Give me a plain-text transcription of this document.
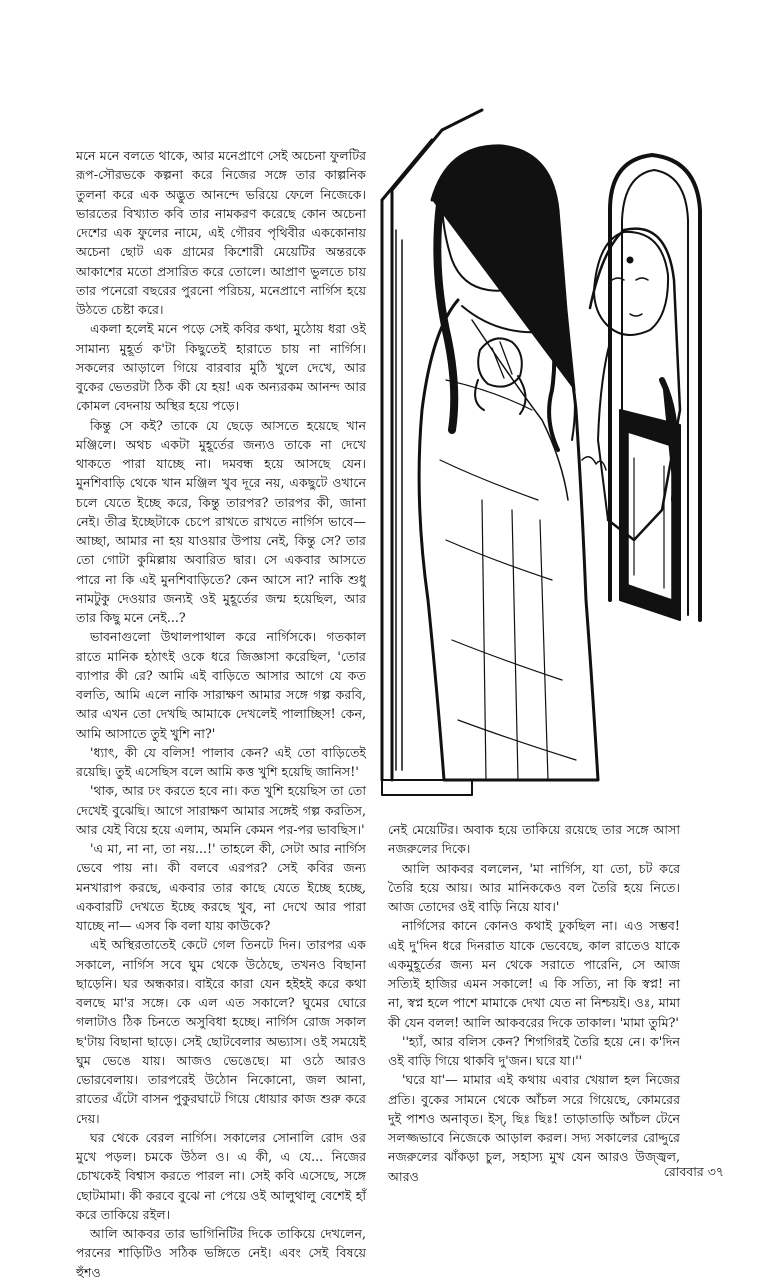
মনে মনে বলতে থাকে, আর মনেপ্রাণে সেই অচেনা ফুলটির রূপ-সৌরভকে কল্পনা করে নিজের সঙ্গে তার কাল্পনিক তুলনা করে এক অদ্ভুত আনন্দে ভরিয়ে ফেলে নিজেকে। ভারতের বিখ্যাত কবি তার নামকরণ করেছে কোন অচেনা দেশের এক ফুলের নামে, এই গৌরব পৃথিবীর এককোনায় অচেনা ছোট এক গ্রামের কিশোরী মেয়েটির অন্তরকে আকাশের মতো প্রসারিত করে তোলে। আপ্রাণ ভুলতে চায় তার পনেরো বছরের পুরনো পরিচয়, মনেপ্রাণে নার্গিস হয়ে উঠতে চেষ্টা করে।

একলা হলেই মনে পড়ে সেই কবির কথা, মুঠোয় ধরা ওই সামান্য মুহূর্ত ক'টা কিছুতেই হারাতে চায় না নার্গিস। সকলের আড়ালে গিয়ে বারবার মুঠি খুলে দেখে, আর বুকের ভেতরটা ঠিক কী যে হয়! এক অন্যরকম আনন্দ আর কোমল বেদনায় অস্থির হয়ে পড়ে।

কিন্তু সে কই? তাকে যে ছেড়ে আসতে হয়েছে খান মঞ্জিলে। অথচ একটা মুহূর্তের জন্যও তাকে না দেখে থাকতে পারা যাচ্ছে না। দমবন্ধ হয়ে আসছে যেন। মুনশিবাড়ি থেকে খান মঞ্জিল খুব দূরে নয়, একছুটে ওখানে চলে যেতে ইচ্ছে করে, কিন্তু তারপর? তারপর কী, জানা নেই। তীব্র ইচ্ছেটাকে চেপে রাখতে রাখতে নার্গিস ভাবে— আচ্ছা, আমার না হয় যাওয়ার উপায় নেই, কিন্তু সে? তার তো গোটা কুমিল্লায় অবারিত দ্বার। সে একবার আসতে পারে না কি এই মুনশিবাড়িতে? কেন আসে না? নাকি শুধু নামটুকু দেওয়ার জন্যই ওই মুহূর্তের জন্ম হয়েছিল, আর তার কিছু মনে নেই...?

ভাবনাগুলো উথালপাথাল করে নার্গিসকে। গতকাল রাতে মানিক হঠাৎই ওকে ধরে জিজ্ঞাসা করেছিল, 'তোর ব্যাপার কী রে? আমি এই বাড়িতে আসার আগে যে কত বলতি, আমি এলে নাকি সারাক্ষণ আমার সঙ্গে গল্প করবি, আর এখন তো দেখছি আমাকে দেখলেই পালাচ্ছিস! কেন, আমি আসাতে তুই খুশি না?'

'ধ্যাৎ, কী যে বলিস! পালাব কেন? এই তো বাড়িতেই রয়েছি। তুই এসেছিস বলে আমি কত্ত খুশি হয়েছি জানিস!'

'থাক, আর ঢং করতে হবে না। কত খুশি হয়েছিস তা তো দেখেই বুঝেছি। আগে সারাক্ষণ আমার সঙ্গেই গল্প করতিস, আর যেই বিয়ে হয়ে এলাম, অমনি কেমন পর-পর ভাবছিস।'

'এ মা, না না, তা নয়...!' তাহলে কী, সেটা আর নার্গিস ভেবে পায় না। কী বলবে এরপর? সেই কবির জন্য মনখারাপ করছে, একবার তার কাছে যেতে ইচ্ছে হচ্ছে, একবারটি দেখতে ইচ্ছে করছে খুব, না দেখে আর পারা যাচ্ছে না— এসব কি বলা যায় কাউকে?

এই অস্থিরতাতেই কেটে গেল তিনটে দিন। তারপর এক সকালে, নার্গিস সবে ঘুম থেকে উঠেছে, তখনও বিছানা ছাড়েনি। ঘর অন্ধকার। বাইরে কারা যেন হইহই করে কথা বলছে মা'র সঙ্গে। কে এল এত সকালে? ঘুমের ঘোরে গলাটাও ঠিক চিনতে অসুবিধা হচ্ছে। নার্গিস রোজ সকাল ছ'টায় বিছানা ছাড়ে। সেই ছোটবেলার অভ্যাস। ওই সময়েই ঘুম ভেঙে যায়। আজও ভেঙেছে। মা ওঠে আরও ভোরবেলায়। তারপরেই উঠোন নিকোনো, জল আনা, রাতের এঁটো বাসন পুকুরঘাটে গিয়ে ধোয়ার কাজ শুরু করে দেয়।

ঘর থেকে বেরল নার্গিস। সকালের সোনালি রোদ ওর মুখে পড়ল। চমকে উঠল ও। এ কী, এ যে... নিজের চোখকেই বিশ্বাস করতে পারল না। সেই কবি এসেছে, সঙ্গে ছোটমামা। কী করবে বুঝে না পেয়ে ওই আলুথালু বেশেই হাঁ করে তাকিয়ে রইল।

আলি আকবর তার ভাগিনিটির দিকে তাকিয়ে দেখলেন, পরনের শাড়িটিও সঠিক ভঙ্গিতে নেই। এবং সেই বিষয়ে হুঁশও

নেই মেয়েটির। অবাক হয়ে তাকিয়ে রয়েছে তার সঙ্গে আসা নজরুলের দিকে।

আলি আকবর বললেন, 'মা নার্গিস, যা তো, চট করে তৈরি হয়ে আয়। আর মানিককেও বল তৈরি হয়ে নিতে। আজ তোদের ওই বাড়ি নিয়ে যাব।'

নার্গিসের কানে কোনও কথাই ঢুকছিল না। এও সম্ভব! এই দু'দিন ধরে দিনরাত যাকে ভেবেছে, কাল রাতেও যাকে একমুহূর্তের জন্য মন থেকে সরাতে পারেনি, সে আজ সত্যিই হাজির এমন সকালে! এ কি সত্যি, না কি স্বপ্ন! না না, স্বপ্ন হলে পাশে মামাকে দেখা যেত না নিশ্চয়ই। ওঃ, মামা কী যেন বলল! আলি আকবরের দিকে তাকাল। 'মামা তুমি?'

''হ্যাঁ, আর বলিস কেন? শিগগিরই তৈরি হয়ে নে। ক'দিন ওই বাড়ি গিয়ে থাকবি দু'জন। ঘরে যা।''

'ঘরে যা'— মামার এই কথায় এবার খেয়াল হল নিজের প্রতি। বুকের সামনে থেকে আঁচল সরে গিয়েছে, কোমরের দুই পাশও অনাবৃত। ইস্, ছিঃ ছিঃ! তাড়াতাড়ি আঁচল টেনে সলজ্জভাবে নিজেকে আড়াল করল। সদ্য সকালের রোদ্দুরে নজরুলের ঝাঁকড়া চুল, সহাস্য মুখ যেন আরও উজ্জ্বল, আরও	রোববার ৩৭
